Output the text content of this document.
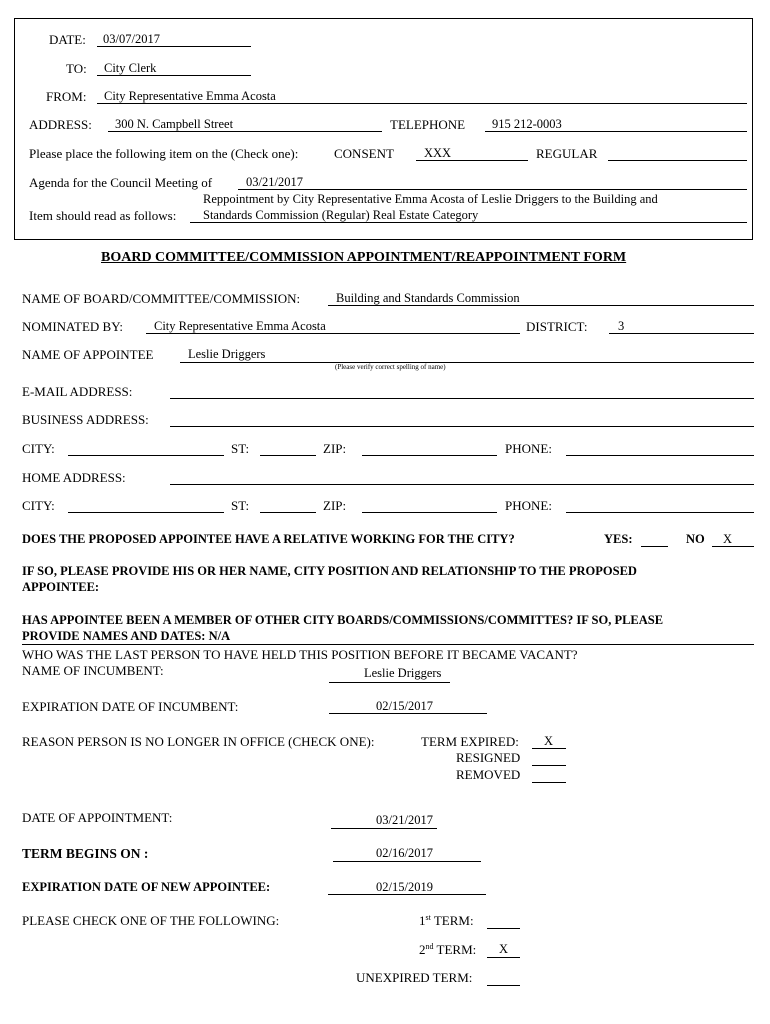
DATE: 03/07/2017
TO: City Clerk
FROM: City Representative Emma Acosta
ADDRESS: 300 N. Campbell Street	TELEPHONE 915 212-0003
Please place the following item on the (Check one):	CONSENT XXX	REGULAR
Agenda for the Council Meeting of	03/21/2017
Reppointment by City Representative Emma Acosta of Leslie Driggers to the Building and
Item should read as follows: Standards Commission (Regular) Real Estate Category
BOARD COMMITTEE/COMMISSION APPOINTMENT/REAPPOINTMENT FORM
NAME OF BOARD/COMMITTEE/COMMISSION:	Building and Standards Commission
NOMINATED BY: City Representative Emma Acosta	DISTRICT: 3
NAME OF APPOINTEE	Leslie Driggers
(Please verify correct spelling of name)
E-MAIL ADDRESS:
BUSINESS ADDRESS:
CITY:	ST:	ZIP:	PHONE:
HOME ADDRESS:
CITY:	ST:	ZIP:	PHONE:
DOES THE PROPOSED APPOINTEE HAVE A RELATIVE WORKING FOR THE CITY?	YES:	NO X
IF SO, PLEASE PROVIDE HIS OR HER NAME, CITY POSITION AND RELATIONSHIP TO THE PROPOSED
APPOINTEE:
HAS APPOINTEE BEEN A MEMBER OF OTHER CITY BOARDS/COMMISSIONS/COMMITTES? IF SO, PLEASE
PROVIDE NAMES AND DATES: N/A
WHO WAS THE LAST PERSON TO HAVE HELD THIS POSITION BEFORE IT BECAME VACANT?
NAME OF INCUMBENT:	Leslie Driggers
EXPIRATION DATE OF INCUMBENT:	02/15/2017
REASON PERSON IS NO LONGER IN OFFICE (CHECK ONE):	TERM EXPIRED: X
RESIGNED
REMOVED
DATE OF APPOINTMENT:	03/21/2017
TERM BEGINS ON :	02/16/2017
EXPIRATION DATE OF NEW APPOINTEE:	02/15/2019
PLEASE CHECK ONE OF THE FOLLOWING:	1st TERM:
2nd TERM: X
UNEXPIRED TERM:
